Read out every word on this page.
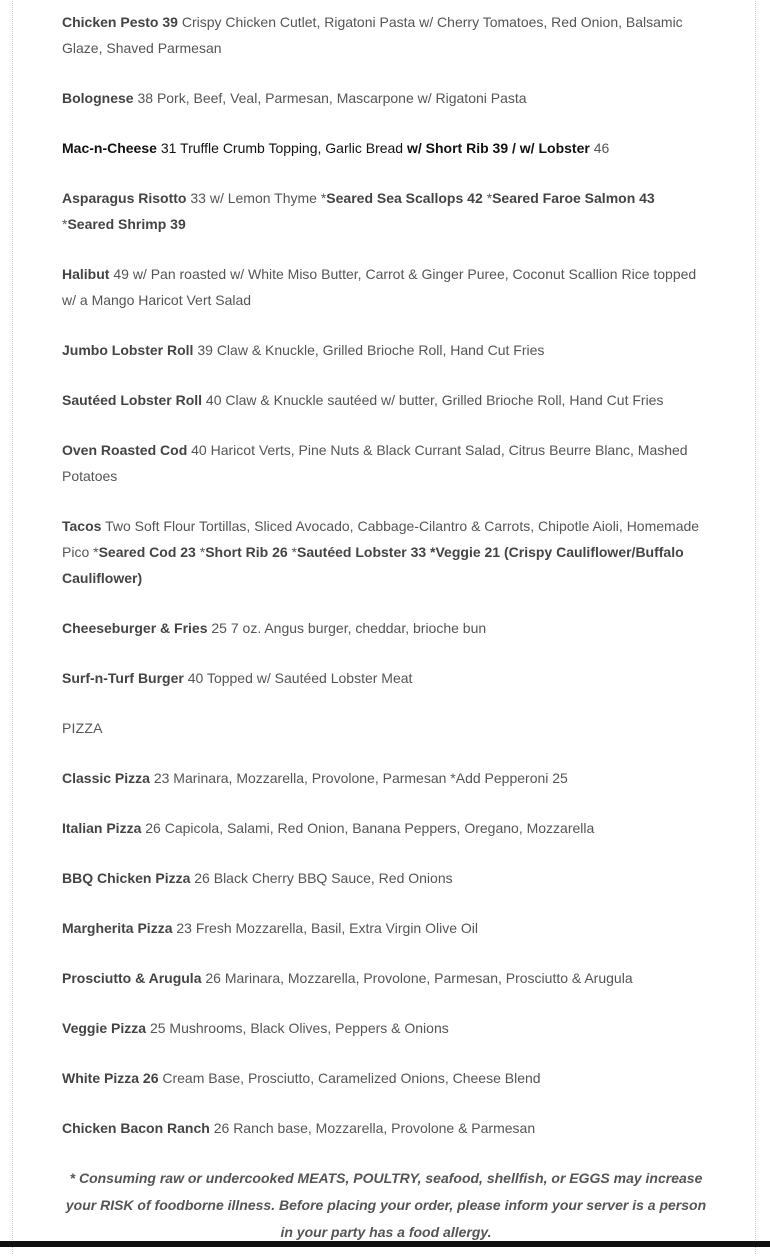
Chicken Pesto 39 Crispy Chicken Cutlet, Rigatoni Pasta w/ Cherry Tomatoes, Red Onion, Balsamic Glaze, Shaved Parmesan

Bolognese 38 Pork, Beef, Veal, Parmesan, Mascarpone w/ Rigatoni Pasta

Mac-n-Cheese 31 Truffle Crumb Topping, Garlic Bread w/ Short Rib 39 / w/ Lobster 46

Asparagus Risotto 33 w/ Lemon Thyme *Seared Sea Scallops 42 *Seared Faroe Salmon 43 *Seared Shrimp 39

Halibut 49 w/ Pan roasted w/ White Miso Butter, Carrot & Ginger Puree, Coconut Scallion Rice topped w/ a Mango Haricot Vert Salad

Jumbo Lobster Roll 39 Claw & Knuckle, Grilled Brioche Roll, Hand Cut Fries

Sautéed Lobster Roll 40 Claw & Knuckle sautéed w/ butter, Grilled Brioche Roll, Hand Cut Fries

Oven Roasted Cod 40 Haricot Verts, Pine Nuts & Black Currant Salad, Citrus Beurre Blanc, Mashed Potatoes

Tacos Two Soft Flour Tortillas, Sliced Avocado, Cabbage-Cilantro & Carrots, Chipotle Aioli, Homemade Pico *Seared Cod 23 *Short Rib 26 *Sautéed Lobster 33 *Veggie 21 (Crispy Cauliflower/Buffalo Cauliflower)

Cheeseburger & Fries 25 7 oz. Angus burger, cheddar, brioche bun

Surf-n-Turf Burger 40 Topped w/ Sautéed Lobster Meat

PIZZA

Classic Pizza 23 Marinara, Mozzarella, Provolone, Parmesan *Add Pepperoni 25

Italian Pizza 26 Capicola, Salami, Red Onion, Banana Peppers, Oregano, Mozzarella

BBQ Chicken Pizza 26 Black Cherry BBQ Sauce, Red Onions

Margherita Pizza 23 Fresh Mozzarella, Basil, Extra Virgin Olive Oil

Prosciutto & Arugula 26 Marinara, Mozzarella, Provolone, Parmesan, Prosciutto & Arugula

Veggie Pizza 25 Mushrooms, Black Olives, Peppers & Onions

White Pizza 26 Cream Base, Prosciutto, Caramelized Onions, Cheese Blend

Chicken Bacon Ranch 26 Ranch base, Mozzarella, Provolone & Parmesan

* Consuming raw or undercooked MEATS, POULTRY, seafood, shellfish, or EGGS may increase your RISK of foodborne illness. Before placing your order, please inform your server is a person in your party has a food allergy.
